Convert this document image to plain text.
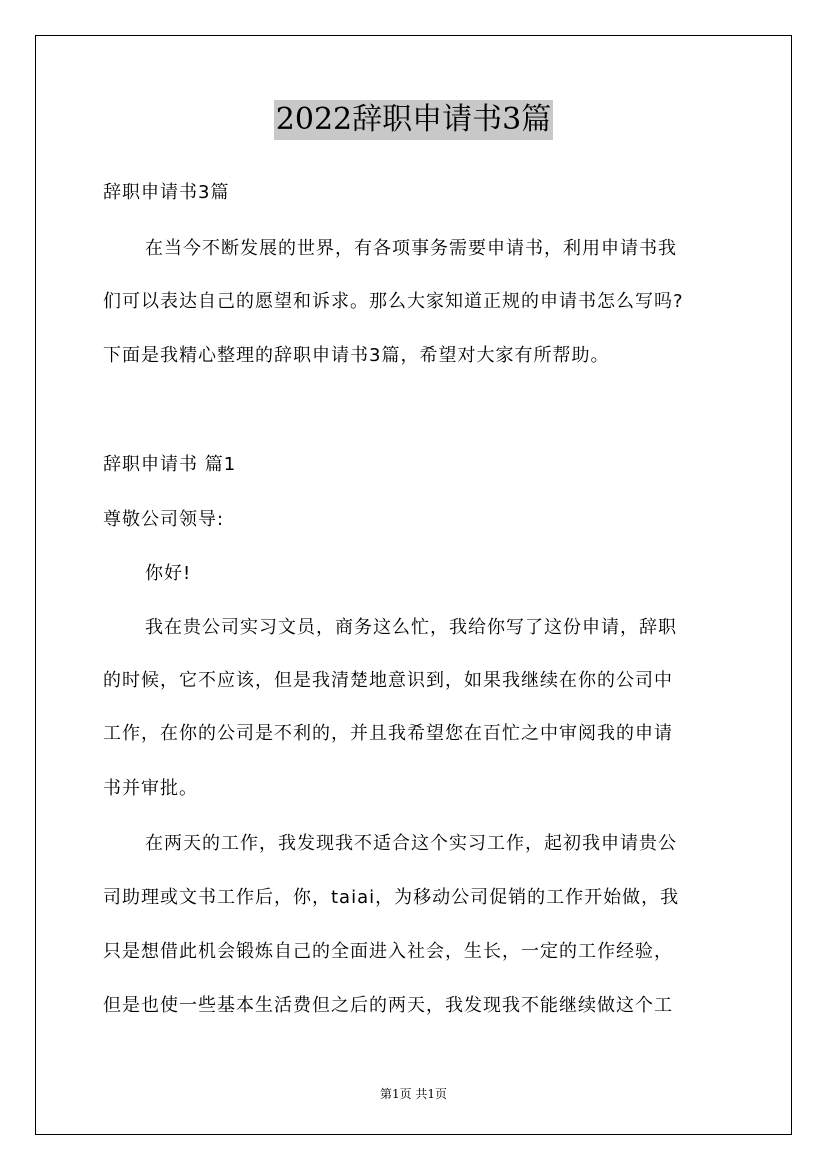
2022辞职申请书3篇
辞职申请书3篇
在当今不断发展的世界，有各项事务需要申请书，利用申请书我
们可以表达自己的愿望和诉求。那么大家知道正规的申请书怎么写吗?
下面是我精心整理的辞职申请书3篇，希望对大家有所帮助。
辞职申请书 篇1
尊敬公司领导:
你好!
我在贵公司实习文员，商务这么忙，我给你写了这份申请，辞职
的时候，它不应该，但是我清楚地意识到，如果我继续在你的公司中
工作，在你的公司是不利的，并且我希望您在百忙之中审阅我的申请
书并审批。
在两天的工作，我发现我不适合这个实习工作，起初我申请贵公
司助理或文书工作后，你，taiai，为移动公司促销的工作开始做，我
只是想借此机会锻炼自己的全面进入社会，生长，一定的工作经验，
但是也使一些基本生活费但之后的两天，我发现我不能继续做这个工
第1页 共1页
